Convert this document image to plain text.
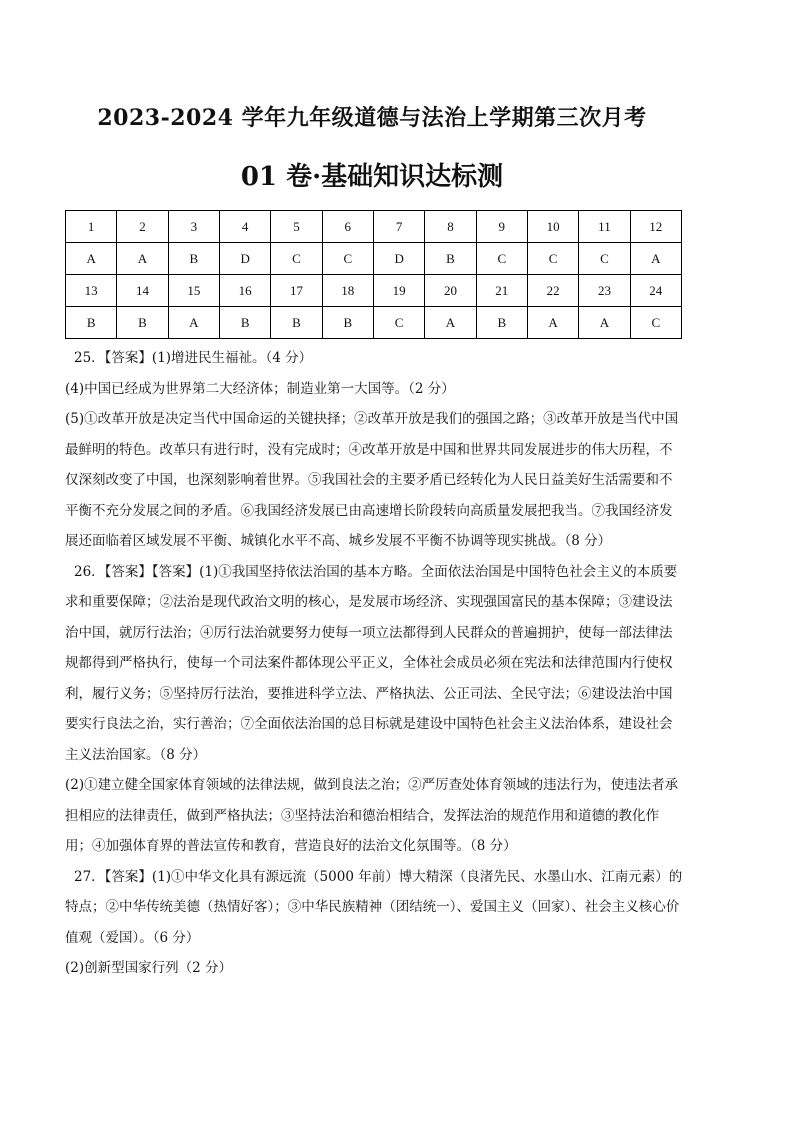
2023-2024 学年九年级道德与法治上学期第三次月考
01 卷·基础知识达标测
1	2	3	4	5	6	7	8	9	10	11	12
A	A	B	D	C	C	D	B	C	C	C	A
13	14	15	16	17	18	19	20	21	22	23	24
B	B	A	B	B	B	C	A	B	A	A	C

25．【答案】(1)增进民生福祉。（4 分）

(4)中国已经成为世界第二大经济体；制造业第一大国等。（2 分）

(5)①改革开放是决定当代中国命运的关键抉择；②改革开放是我们的强国之路；③改革开放是当代中国最鲜明的特色。改革只有进行时，没有完成时；④改革开放是中国和世界共同发展进步的伟大历程，不仅深刻改变了中国，也深刻影响着世界。⑤我国社会的主要矛盾已经转化为人民日益美好生活需要和不平衡不充分发展之间的矛盾。⑥我国经济发展已由高速增长阶段转向高质量发展把我当。⑦我国经济发展还面临着区域发展不平衡、城镇化水平不高、城乡发展不平衡不协调等现实挑战。（8 分）

26．【答案】【答案】(1)①我国坚持依法治国的基本方略。全面依法治国是中国特色社会主义的本质要求和重要保障；②法治是现代政治文明的核心，是发展市场经济、实现强国富民的基本保障；③建设法治中国，就厉行法治；④厉行法治就要努力使每一项立法都得到人民群众的普遍拥护，使每一部法律法规都得到严格执行，使每一个司法案件都体现公平正义，全体社会成员必须在宪法和法律范围内行使权利，履行义务；⑤坚持厉行法治，要推进科学立法、严格执法、公正司法、全民守法；⑥建设法治中国要实行良法之治，实行善治；⑦全面依法治国的总目标就是建设中国特色社会主义法治体系，建设社会主义法治国家。（8 分）

(2)①建立健全国家体育领域的法律法规，做到良法之治；②严厉查处体育领域的违法行为，使违法者承担相应的法律责任，做到严格执法；③坚持法治和德治相结合，发挥法治的规范作用和道德的教化作用；④加强体育界的普法宣传和教育，营造良好的法治文化氛围等。（8 分）

27．【答案】(1)①中华文化具有源远流（5000 年前）博大精深（良渚先民、水墨山水、江南元素）的特点；②中华传统美德（热情好客）；③中华民族精神（团结统一）、爱国主义（回家）、社会主义核心价值观（爱国）。（6 分）

(2)创新型国家行列（2 分）
